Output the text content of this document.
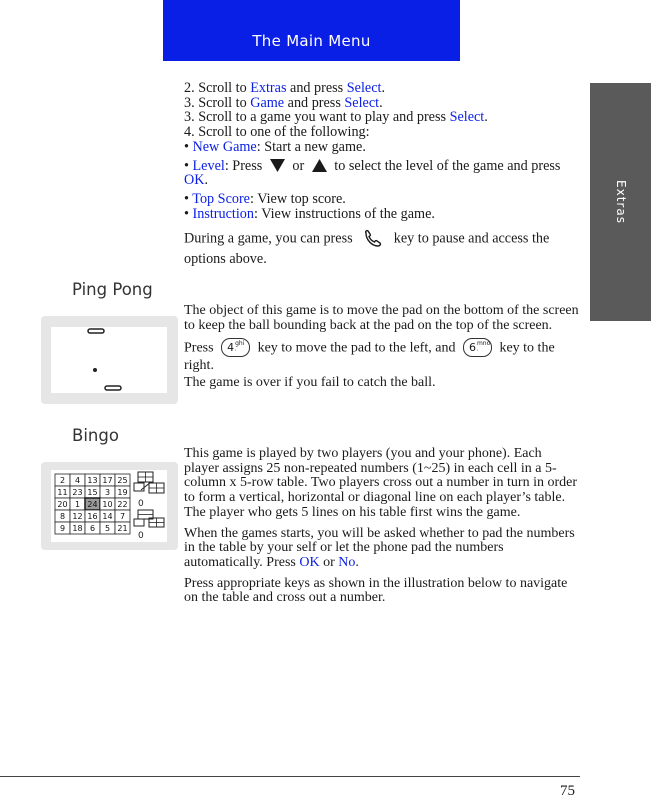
The Main Menu
Extras

2. Scroll to Extras and press Select.

3. Scroll to Game and press Select.

3. Scroll to a game you want to play and press Select.

4. Scroll to one of the following:

• New Game: Start a new game.

• Level: Press  or  to select the level of the game and press OK.

• Top Score: View top score.

• Instruction: View instructions of the game.

During a game, you can press  key to pause and access the options above.
Ping Pong

The object of this game is to move the pad on the bottom of the screen to keep the ball bounding back at the pad on the top of the screen.

Press 4 ghi
ᵢ key to move the pad to the left, and 6 mno
ᵢ key to the right.

The game is over if you fail to catch the ball.

Bingo
2 4 13 17 25
11 23 15 3 19
20 1 24 10 22
8 12 16 14 7
9 18 6 5 21
0
0

This game is played by two players (you and your phone). Each player assigns 25 non-repeated numbers (1~25) in each cell in a 5-column x 5-row table. Two players cross out a number in turn in order to form a vertical, horizontal or diagonal line on each player’s table. The player who gets 5 lines on his table first wins the game.

When the games starts, you will be asked whether to pad the numbers in the table by your self or let the phone pad the numbers automatically. Press OK or No.

Press appropriate keys as shown in the illustration below to navigate on the table and cross out a number.

75
